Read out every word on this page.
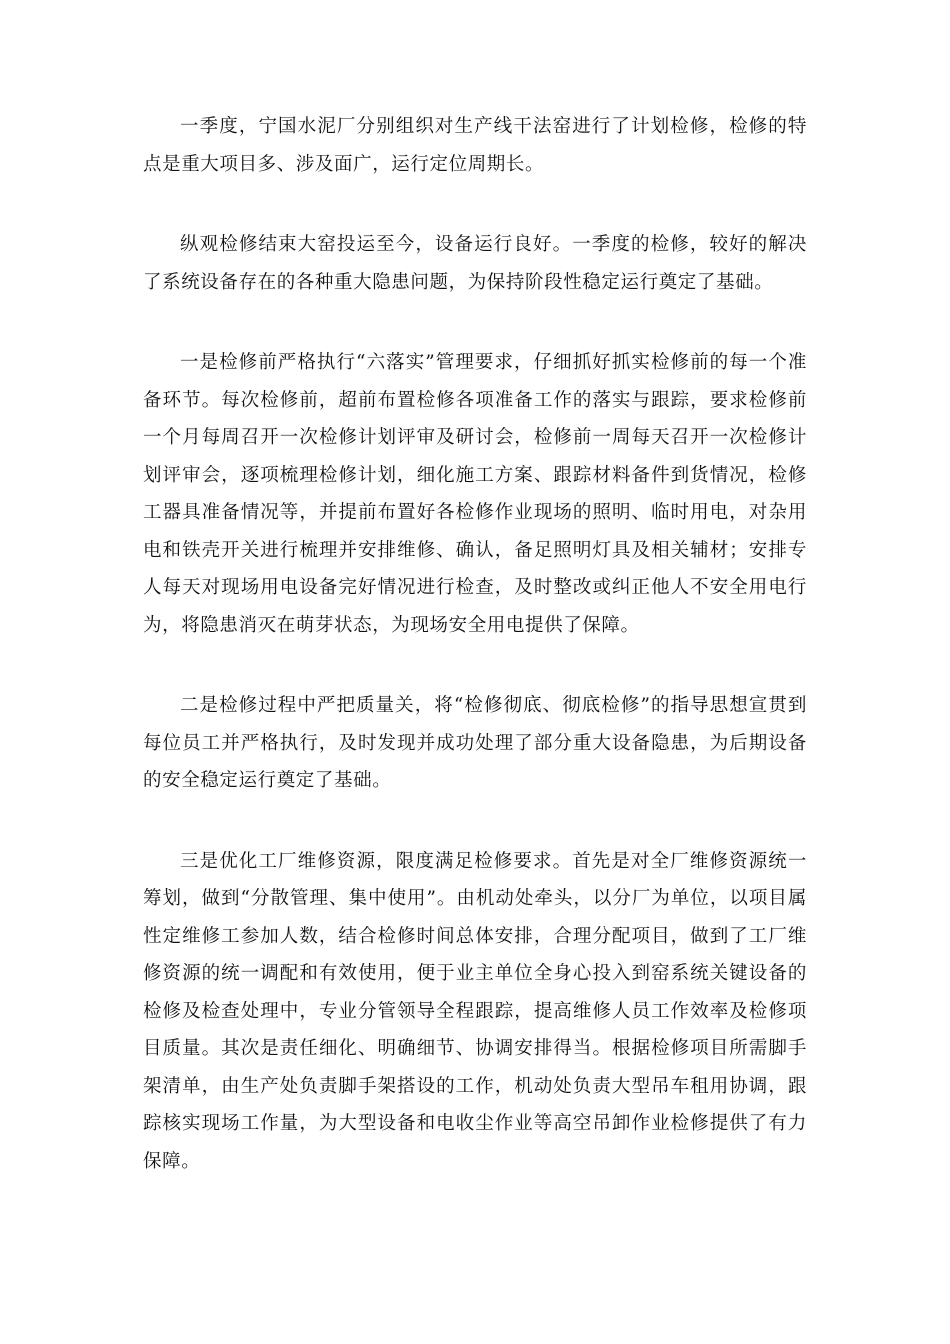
一季度，宁国水泥厂分别组织对生产线干法窑进行了计划检修，检修的特点是重大项目多、涉及面广，运行定位周期长。

纵观检修结束大窑投运至今，设备运行良好。一季度的检修，较好的解决了系统设备存在的各种重大隐患问题，为保持阶段性稳定运行奠定了基础。

一是检修前严格执行“六落实”管理要求，仔细抓好抓实检修前的每一个准备环节。每次检修前，超前布置检修各项准备工作的落实与跟踪，要求检修前一个月每周召开一次检修计划评审及研讨会，检修前一周每天召开一次检修计划评审会，逐项梳理检修计划，细化施工方案、跟踪材料备件到货情况，检修工器具准备情况等，并提前布置好各检修作业现场的照明、临时用电，对杂用电和铁壳开关进行梳理并安排维修、确认，备足照明灯具及相关辅材；安排专人每天对现场用电设备完好情况进行检查，及时整改或纠正他人不安全用电行为，将隐患消灭在萌芽状态，为现场安全用电提供了保障。

二是检修过程中严把质量关，将“检修彻底、彻底检修”的指导思想宣贯到每位员工并严格执行，及时发现并成功处理了部分重大设备隐患，为后期设备的安全稳定运行奠定了基础。

三是优化工厂维修资源，限度满足检修要求。首先是对全厂维修资源统一筹划，做到“分散管理、集中使用”。由机动处牵头，以分厂为单位，以项目属性定维修工参加人数，结合检修时间总体安排，合理分配项目，做到了工厂维修资源的统一调配和有效使用，便于业主单位全身心投入到窑系统关键设备的检修及检查处理中，专业分管领导全程跟踪，提高维修人员工作效率及检修项目质量。其次是责任细化、明确细节、协调安排得当。根据检修项目所需脚手架清单，由生产处负责脚手架搭设的工作，机动处负责大型吊车租用协调，跟踪核实现场工作量，为大型设备和电收尘作业等高空吊卸作业检修提供了有力保障。
